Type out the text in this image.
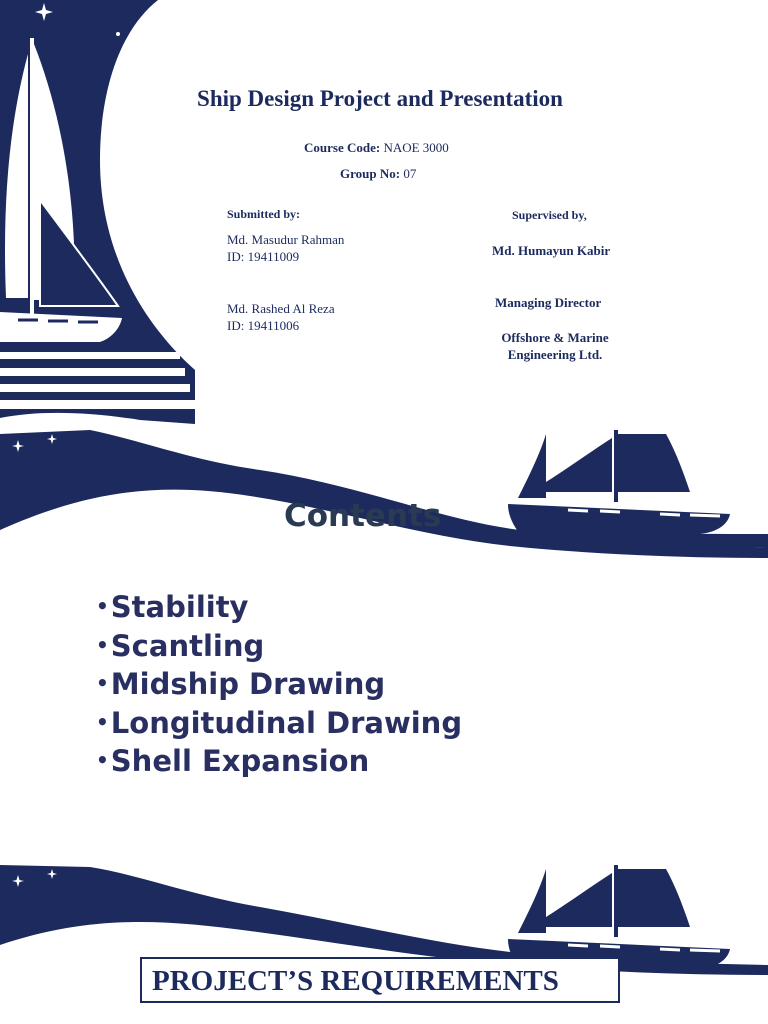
Ship Design Project and Presentation
Course Code: NAOE 3000
Group No: 07
Submitted by:	Supervised by,
Md. Masudur Rahman
ID: 19411009
Md. Rashed Al Reza
ID: 19411006
Md. Humayun Kabir
Managing Director
Offshore & Marine Engineering Ltd.
Contents
•Stability
•Scantling
•Midship Drawing
•Longitudinal Drawing
•Shell Expansion
PROJECT’S REQUIREMENTS
